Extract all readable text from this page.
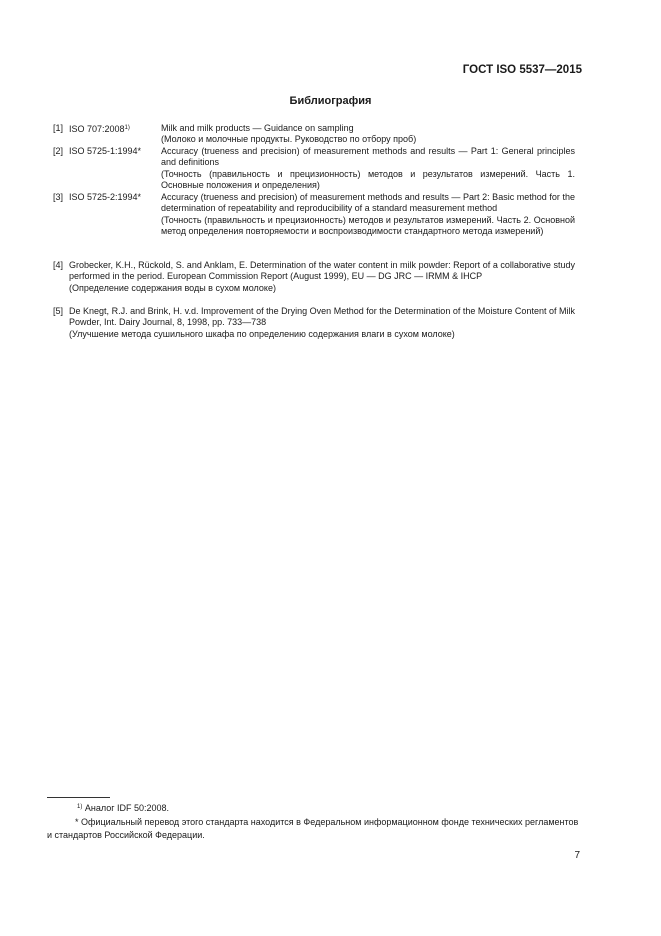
ГОСТ ISO 5537—2015
Библиография
[1] ISO 707:2008$^{1)}$	Milk and milk products — Guidance on sampling

(Молоко и молочные продукты. Руководство по отбору проб)

[2] ISO 5725-1:1994* Accuracy (trueness and precision) of measurement methods and results — Part 1: General principles and definitions

(Точность (правильность и прецизионность) методов и результатов измерений. Часть 1. Основные положения и определения)

[3] ISO 5725-2:1994* Accuracy (trueness and precision) of measurement methods and results — Part 2: Basic method for the determination of repeatability and reproducibility of a standard measurement method

(Точность (правильность и прецизионность) методов и результатов измерений. Часть 2. Основной метод определения повторяемости и воспроизводимости стандартного метода измерений)

[4] Grobecker, K.H., Rückold, S. and Anklam, E. Determination of the water content in milk powder: Report of a collaborative study performed in the period. European Commission Report (August 1999), EU — DG JRC — IRMM & IHCP

(Определение содержания воды в сухом молоке)

[5] De Knegt, R.J. and Brink, H. v.d. Improvement of the Drying Oven Method for the Determination of the Moisture Content of Milk Powder, Int. Dairy Journal, 8, 1998, pp. 733—738

(Улучшение метода сушильного шкафа по определению содержания влаги в сухом молоке)

$^{1)}$ Аналог IDF 50:2008.
* Официальный перевод этого стандарта находится в Федеральном информационном фонде технических регламентов и стандартов Российской Федерации.
7
